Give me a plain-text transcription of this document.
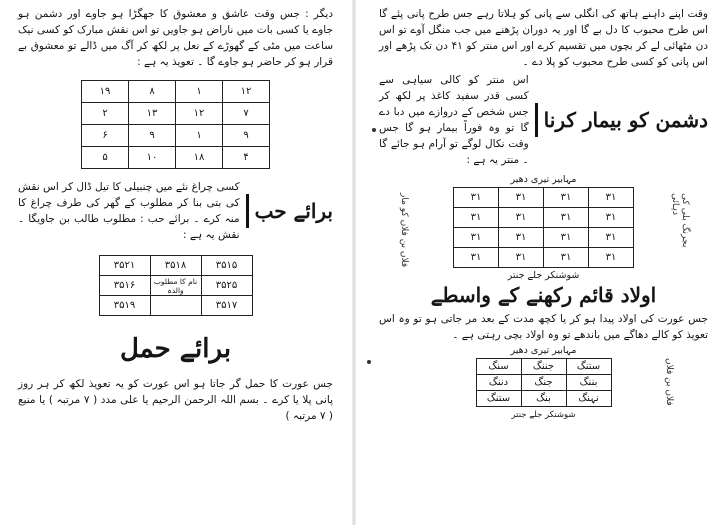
دیگر : جس وقت عاشق و معشوق کا جھگڑا ہو جاوے اور دشمن ہو جاوے یا کسی بات میں ناراض ہو جاویں تو اس نقش مبارک کو کسی نیک ساعت میں مٹی کے گھوڑے کے نعل پر لکھ کر آگ میں ڈالے تو معشوق بے قرار ہو کر حاضر ہو جاوے گا ۔ تعویذ یہ ہے :

۱۲	۱	۸	۱۹
۷	۱۲	۱۳	۲
۹	۱	۹	۶
۴	۱۸	۱۰	۵
برائے حب

کسی چراغ نئے میں چنبیلی کا تیل ڈال کر اس نقش کی بتی بنا کر مطلوب کے گھر کی طرف چراغ کا منہ کرے ۔ برائے حب : مطلوب طالب بن جاویگا ۔ نقش یہ ہے :

۳۵۱۵	۳۵۱۸	۳۵۲۱
۳۵۲۵	نام کا مطلوب والدہ	۳۵۱۶
۳۵۱۷		۳۵۱۹
برائے حمل

جس عورت کا حمل گر جاتا ہو اس عورت کو یہ تعویذ لکھ کر ہر روز پانی پلا یا کرے ۔ بسم اللہ الرحمن الرحیم یا علی مدد ( ۷ مرتبہ ) یا منیع ( ۷ مرتبہ )

وقت اپنے داہنے ہاتھ کی انگلی سے پانی کو ہلاتا رہے جس طرح پانی پئے گا اس طرح محبوب کا دل بے گا اور یہ دوران پڑھنے میں جب منگل آوے تو اس دن مٹھائی لے کر بچوں میں تقسیم کرے اور اس منتر کو ۴۱ دن تک پڑھے اور اس پانی کو کسی طرح محبوب کو پلا دے ۔

دشمن کو بیمار کرنا

اس منتر کو کالی سیاہی سے کسی قدر سفید کاغذ پر لکھ کر جس شخص کے دروازے میں دبا دے گا تو وہ فوراً بیمار ہو گا جس وقت نکال لوگے تو آرام ہو جائے گا ۔ منتر یہ ہے :

مہابیر تیری دھیر

بجرنگ بلی کی دہائی
فلاں بن فلاں کو مار	۳۱	۳۱	۳۱	۳۱
۳۱	۳۱	۳۱	۳۱
۳۱	۳۱	۳۱	۳۱
۳۱	۳۱	۳۱	۳۱

شوشنکر جلے جنتر

اولاد قائم رکھنے کے واسطے

جس عورت کی اولاد پیدا ہو کر یا کچھ مدت کے بعد مر جاتی ہو تو وہ اس تعویذ کو کالے دھاگے میں باندھے تو وہ اولاد بچی رہتی ہے ۔

مہابیر تیری دھیر

فلاں بن فلاں
ستنگ	جننگ	سنگ
بننگ	جنگ	دننگ
نہنگ	بنگ	ستنگ

شوشنکر جلے جنتر
